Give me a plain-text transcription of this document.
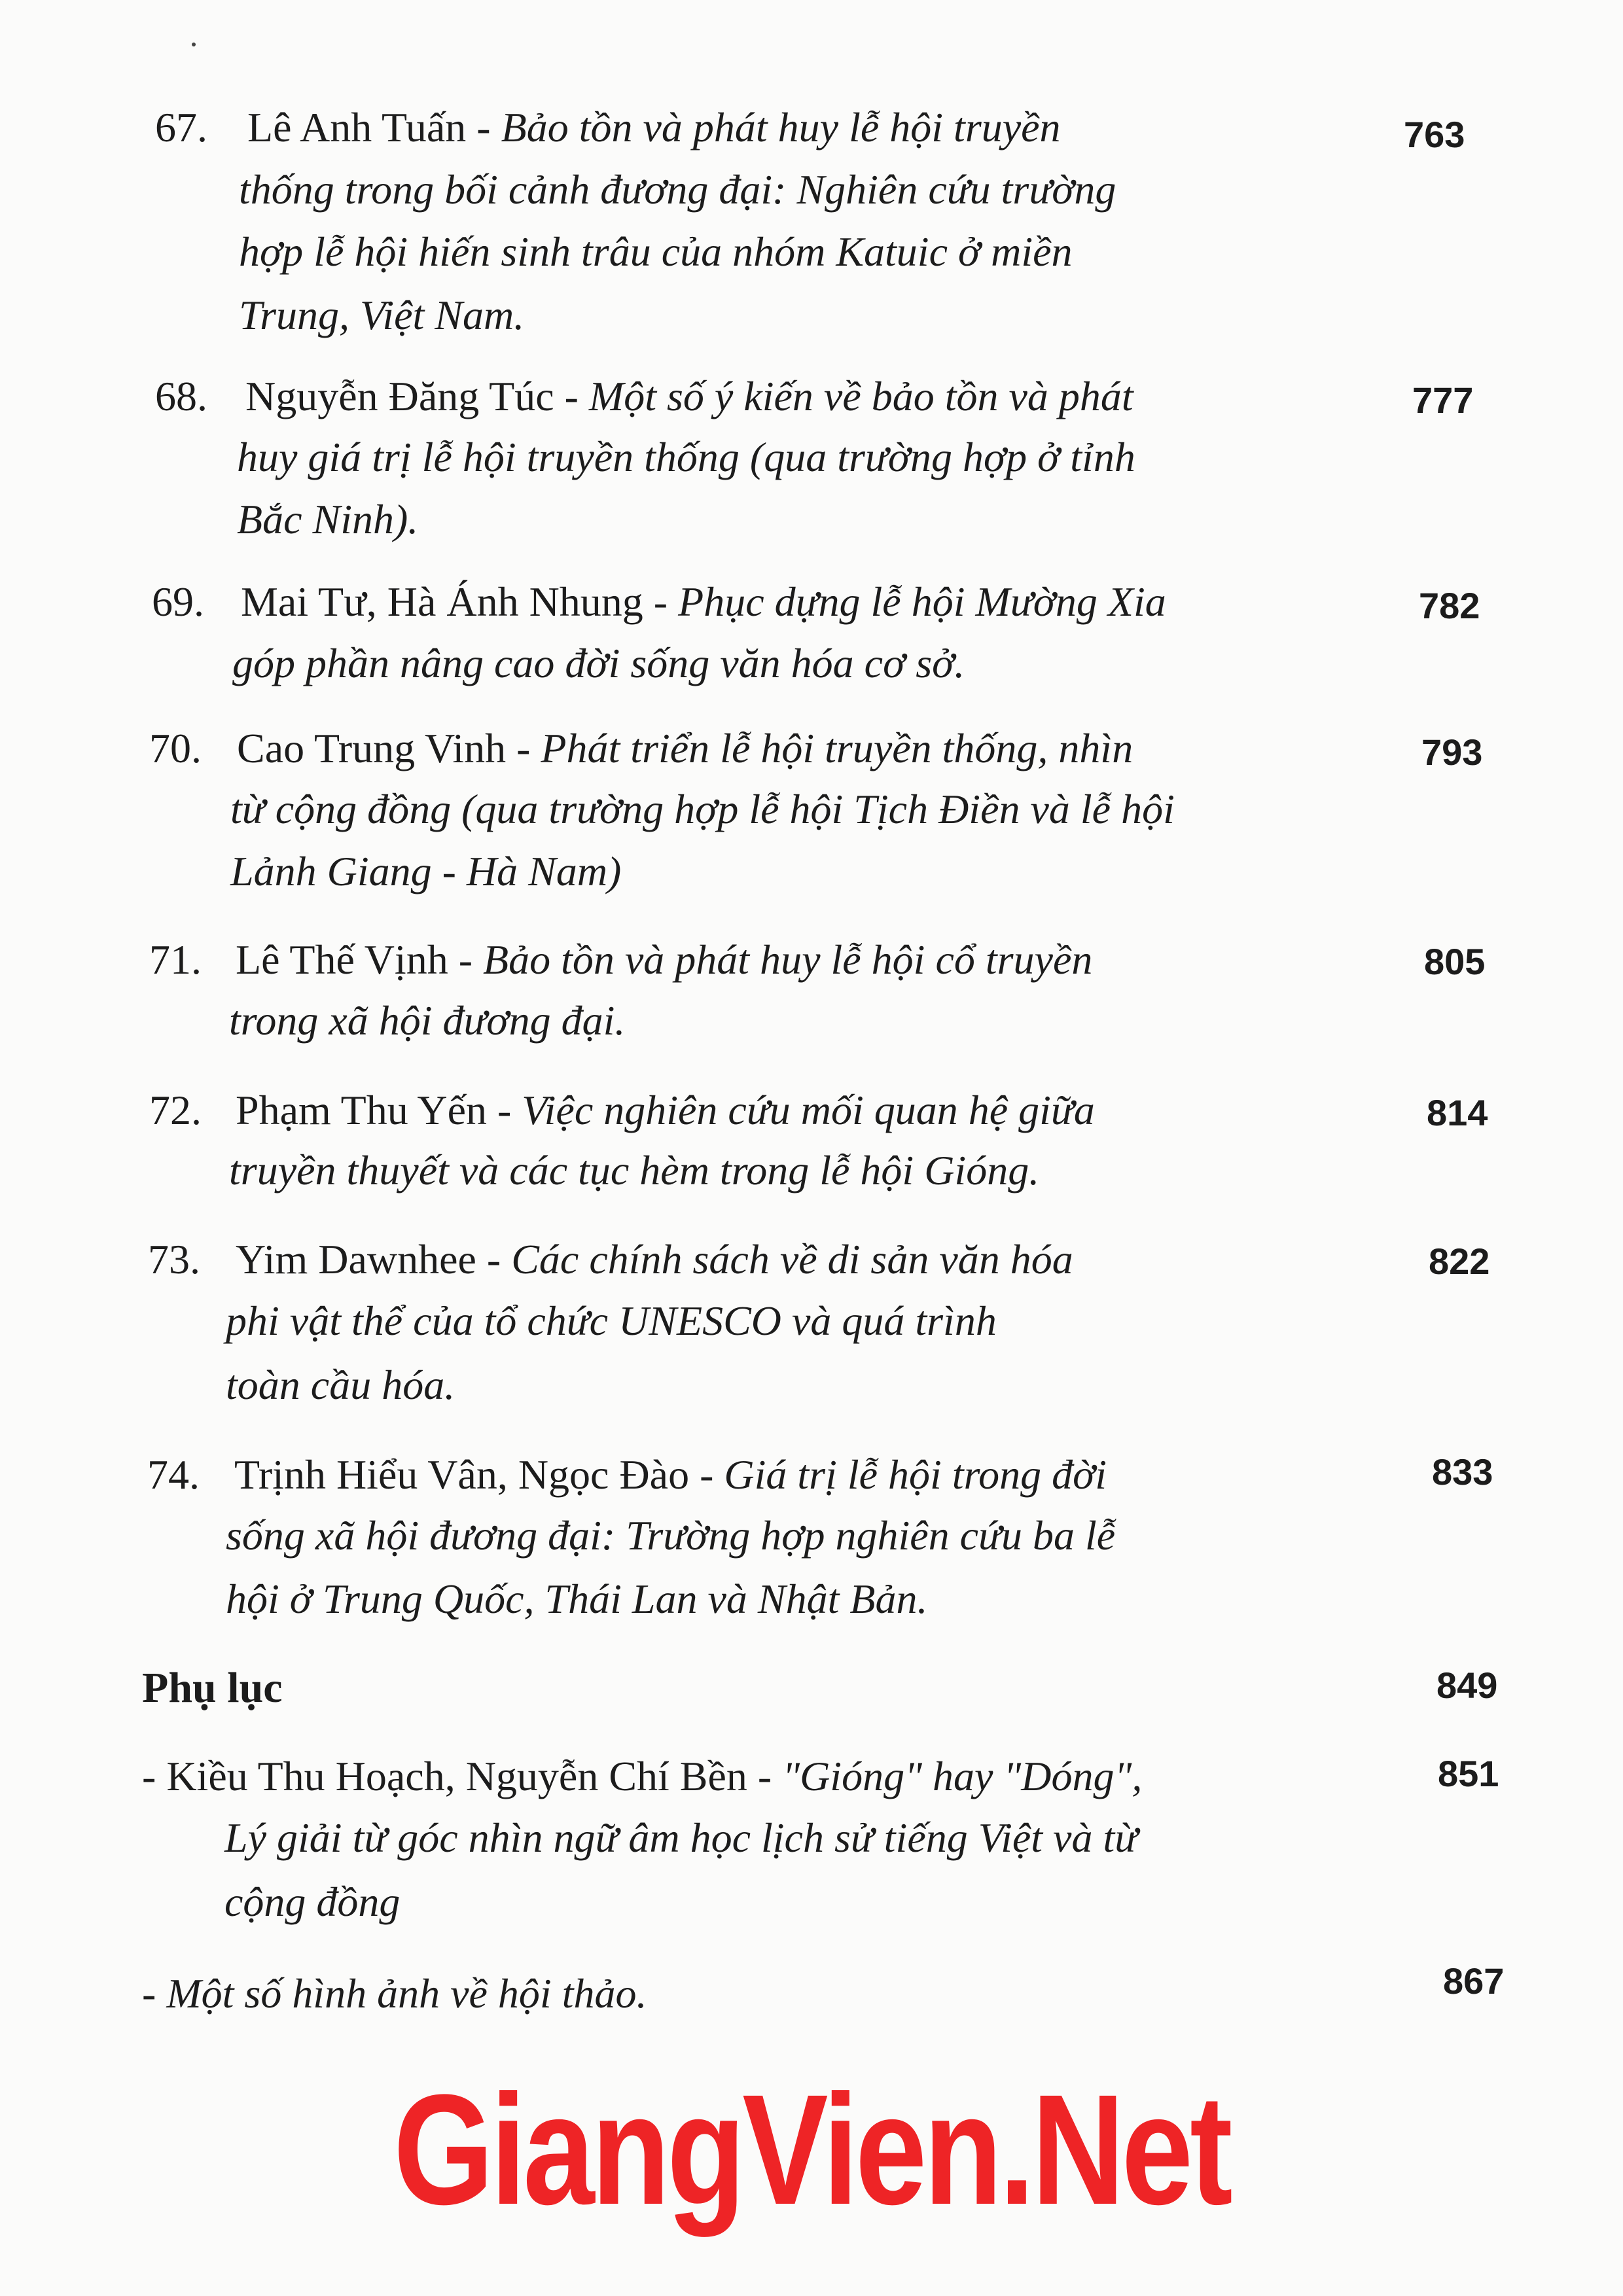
67. Lê Anh Tuấn - Bảo tồn và phát huy lễ hội truyền
thống trong bối cảnh đương đại: Nghiên cứu trường
hợp lễ hội hiến sinh trâu của nhóm Katuic ở miền
Trung, Việt Nam.
763
68. Nguyễn Đăng Túc - Một số ý kiến về bảo tồn và phát
huy giá trị lễ hội truyền thống (qua trường hợp ở tỉnh
Bắc Ninh).
777
69. Mai Tư, Hà Ánh Nhung - Phục dựng lễ hội Mường Xia
góp phần nâng cao đời sống văn hóa cơ sở.
782
70. Cao Trung Vinh - Phát triển lễ hội truyền thống, nhìn
từ cộng đồng (qua trường hợp lễ hội Tịch Điền và lễ hội
Lảnh Giang - Hà Nam)
793
71. Lê Thế Vịnh - Bảo tồn và phát huy lễ hội cổ truyền
trong xã hội đương đại.
805
72. Phạm Thu Yến - Việc nghiên cứu mối quan hệ giữa
truyền thuyết và các tục hèm trong lễ hội Gióng.
814
73. Yim Dawnhee - Các chính sách về di sản văn hóa
phi vật thể của tổ chức UNESCO và quá trình
toàn cầu hóa.
822
74. Trịnh Hiểu Vân, Ngọc Đào - Giá trị lễ hội trong đời
sống xã hội đương đại: Trường hợp nghiên cứu ba lễ
hội ở Trung Quốc, Thái Lan và Nhật Bản.
833
Phụ lục	849
- Kiều Thu Hoạch, Nguyễn Chí Bền - "Gióng" hay "Dóng",
Lý giải từ góc nhìn ngữ âm học lịch sử tiếng Việt và từ
cộng đồng
851
- Một số hình ảnh về hội thảo.	867
GiangVien.Net
